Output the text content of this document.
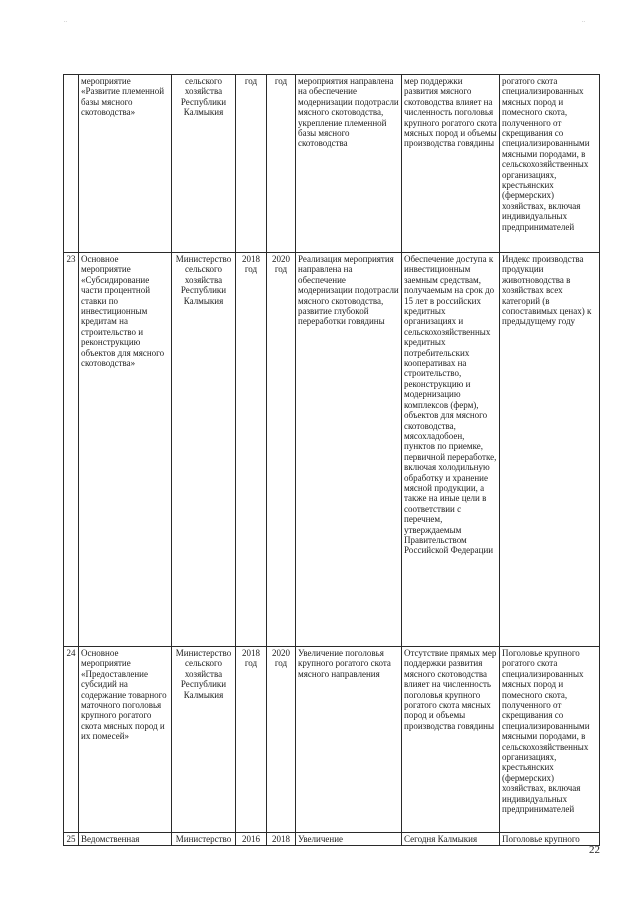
..	..
	мероприятие «Развитие племенной базы мясного скотоводства»	сельского хозяйства Республики Калмыкия	год	год	мероприятия направлена на обеспечение модернизации подотрасли мясного скотоводства, укрепление племенной базы мясного скотоводства	мер поддержки развития мясного скотоводства влияет на численность поголовья крупного рогатого скота мясных пород и объемы производства говядины	рогатого скота специализированных мясных пород и помесного скота, полученного от скрещивания со специализированными мясными породами, в сельскохозяйственных организациях, крестьянских (фермерских) хозяйствах, включая индивидуальных предпринимателей
23	Основное мероприятие «Субсидирование части процентной ставки по инвестиционным кредитам на строительство и реконструкцию объектов для мясного скотоводства»	Министерство сельского хозяйства Республики Калмыкия	2018 год	2020 год	Реализация мероприятия направлена на обеспечение модернизации подотрасли мясного скотоводства, развитие глубокой переработки говядины	Обеспечение доступа к инвестиционным заемным средствам, получаемым на срок до 15 лет в российских кредитных организациях и сельскохозяйственных кредитных потребительских кооперативах на строительство, реконструкцию и модернизацию комплексов (ферм), объектов для мясного скотоводства, мясохладобоен, пунктов по приемке, первичной переработке, включая холодильную обработку и хранение мясной продукции, а также на иные цели в соответствии с перечнем, утверждаемым Правительством Российской Федерации	Индекс производства продукции животноводства в хозяйствах всех категорий (в сопоставимых ценах) к предыдущему году
24	Основное мероприятие «Предоставление субсидий на содержание товарного маточного поголовья крупного рогатого скота мясных пород и их помесей»	Министерство сельского хозяйства Республики Калмыкия	2018 год	2020 год	Увеличение поголовья крупного рогатого скота мясного направления	Отсутствие прямых мер поддержки развития мясного скотоводства влияет на численность поголовья крупного рогатого скота мясных пород и объемы производства говядины	Поголовье крупного рогатого скота специализированных мясных пород и помесного скота, полученного от скрещивания со специализированными мясными породами, в сельскохозяйственных организациях, крестьянских (фермерских) хозяйствах, включая индивидуальных предпринимателей
25	Ведомственная	Министерство	2016	2018	Увеличение	Сегодня Калмыкия	Поголовье крупного
22
